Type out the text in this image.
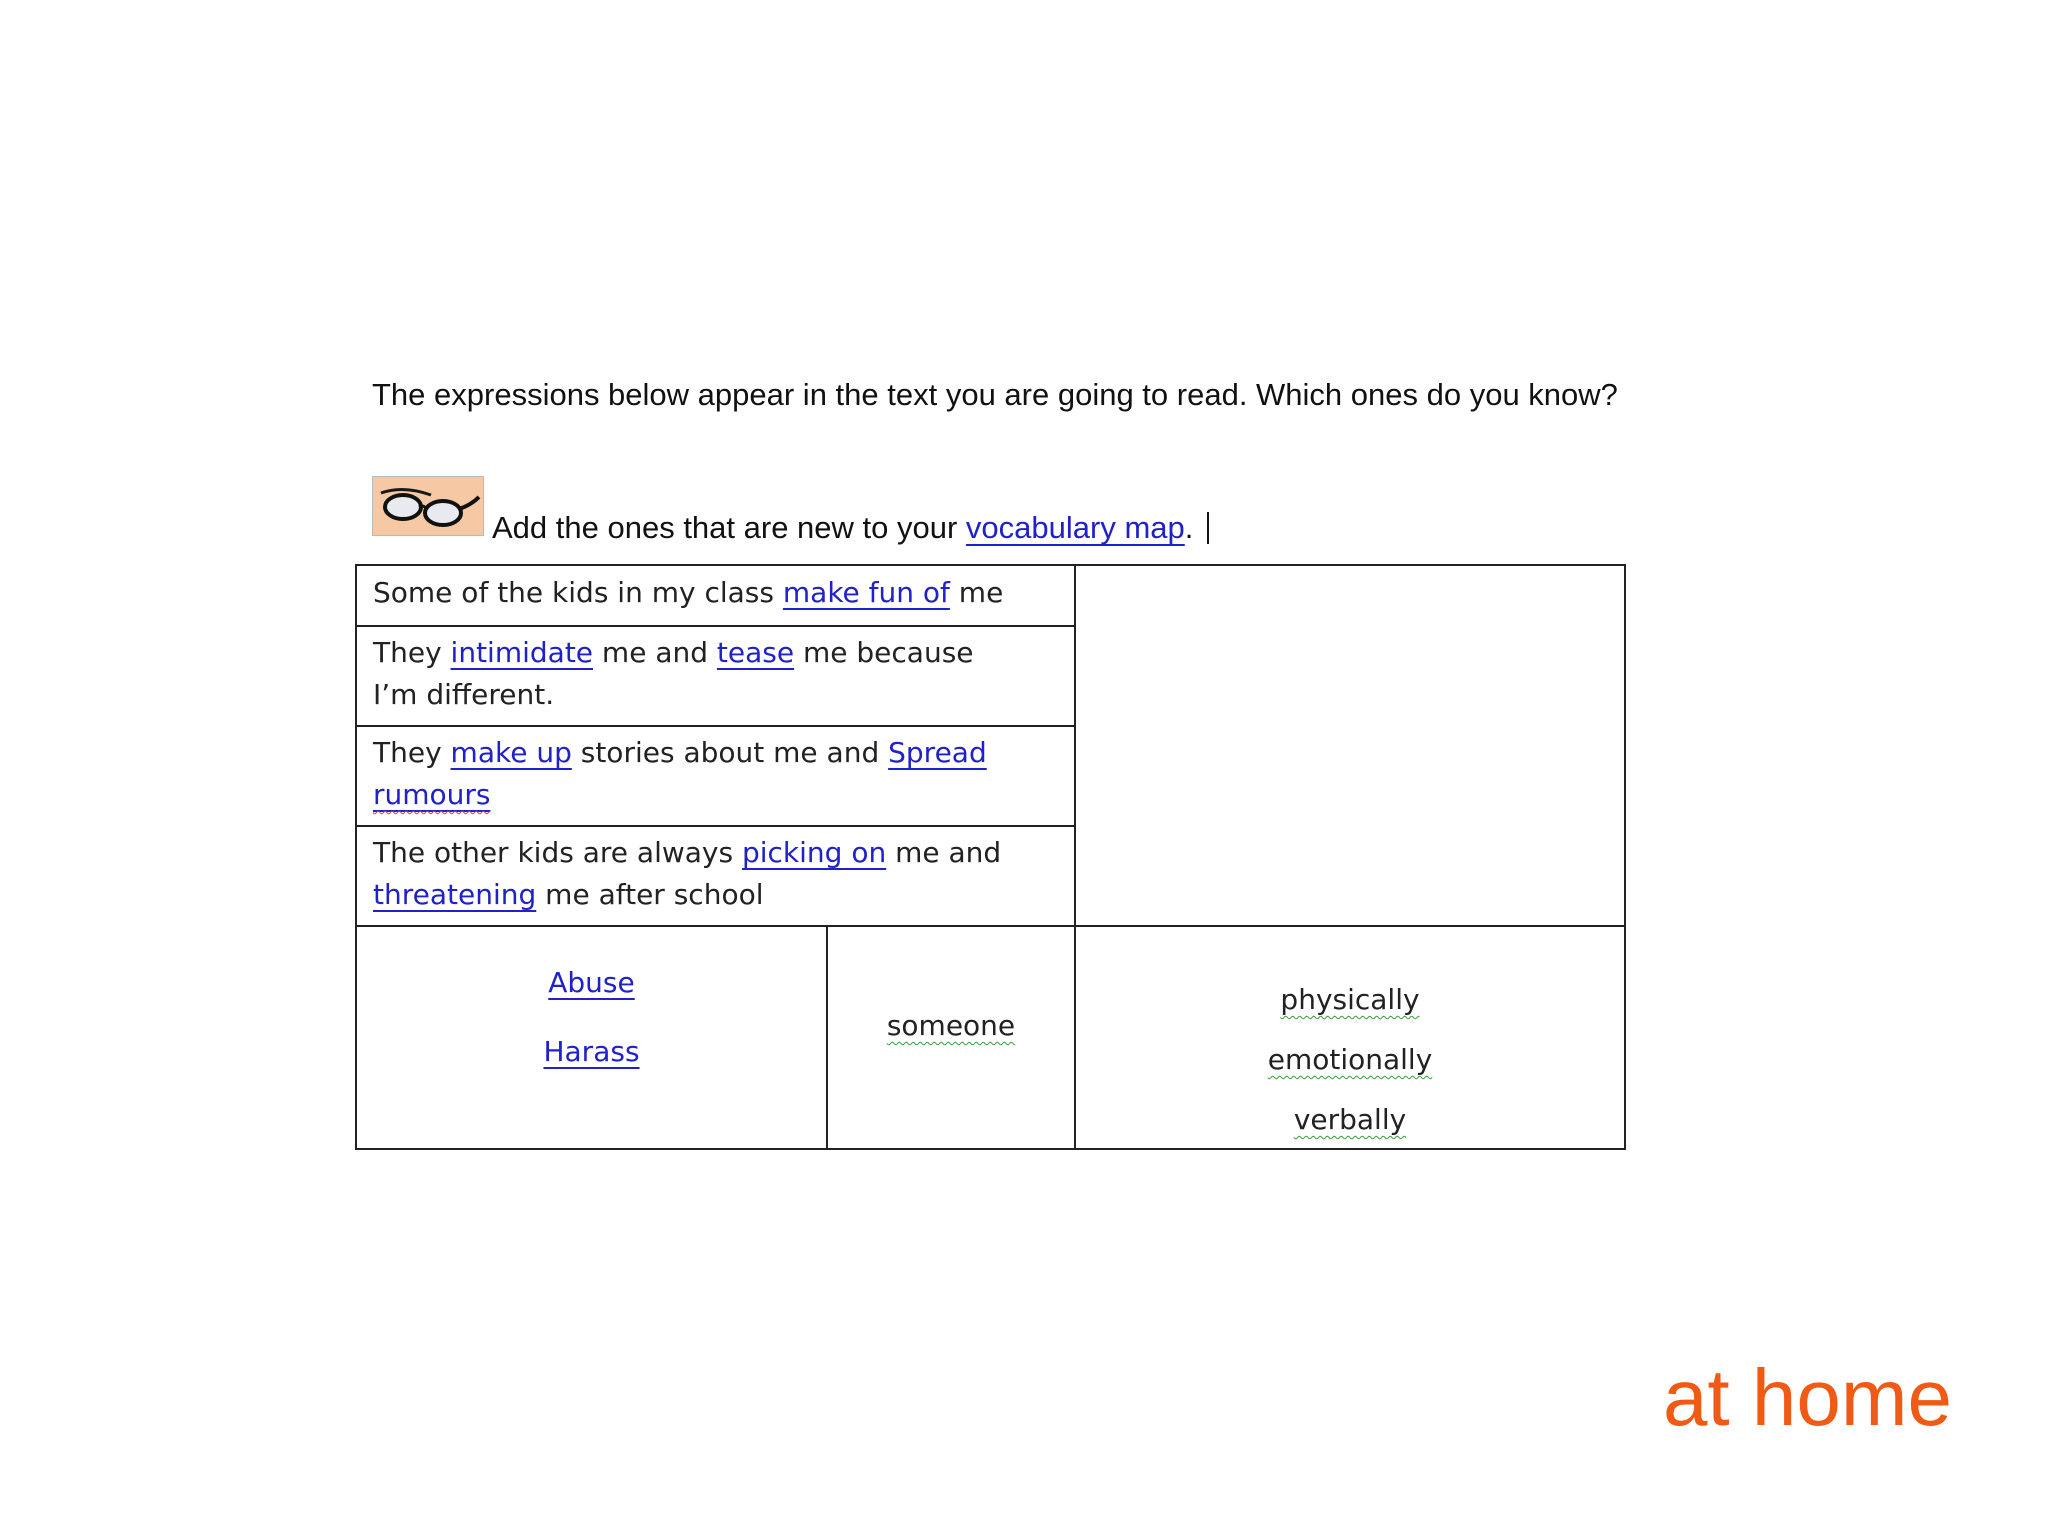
The expressions below appear in the text you are going to read. Which ones do you know?
Add the ones that are new to your vocabulary map.
Some of the kids in my class make fun of me
They intimidate me and tease me because I’m different.
They make up stories about me and Spread rumours
The other kids are always picking on me and threatening me after school
Abuse
Harass
someone
physically
emotionally
verbally
at home
